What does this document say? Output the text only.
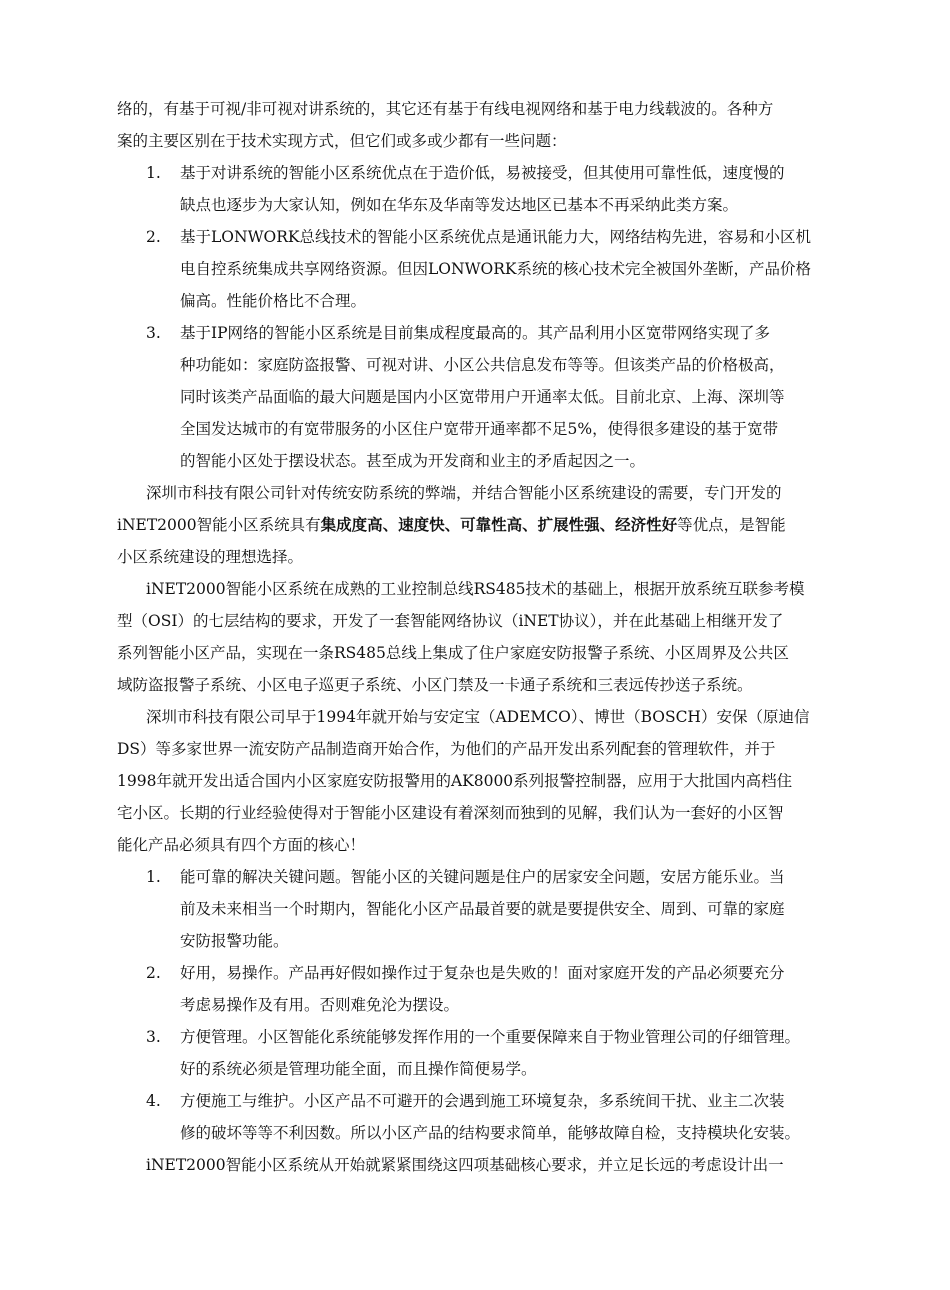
络的，有基于可视/非可视对讲系统的，其它还有基于有线电视网络和基于电力线载波的。各种方
案的主要区别在于技术实现方式，但它们或多或少都有一些问题：
1.	基于对讲系统的智能小区系统优点在于造价低，易被接受，但其使用可靠性低，速度慢的
缺点也逐步为大家认知，例如在华东及华南等发达地区已基本不再采纳此类方案。
2.	基于LONWORK总线技术的智能小区系统优点是通讯能力大，网络结构先进，容易和小区机
电自控系统集成共享网络资源。但因LONWORK系统的核心技术完全被国外垄断，产品价格
偏高。性能价格比不合理。
3.	基于IP网络的智能小区系统是目前集成程度最高的。其产品利用小区宽带网络实现了多
种功能如：家庭防盗报警、可视对讲、小区公共信息发布等等。但该类产品的价格极高，
同时该类产品面临的最大问题是国内小区宽带用户开通率太低。目前北京、上海、深圳等
全国发达城市的有宽带服务的小区住户宽带开通率都不足5%，使得很多建设的基于宽带
的智能小区处于摆设状态。甚至成为开发商和业主的矛盾起因之一。
深圳市科技有限公司针对传统安防系统的弊端，并结合智能小区系统建设的需要，专门开发的
iNET2000智能小区系统具有集成度高、速度快、可靠性高、扩展性强、经济性好等优点，是智能
小区系统建设的理想选择。
iNET2000智能小区系统在成熟的工业控制总线RS485技术的基础上，根据开放系统互联参考模
型（OSI）的七层结构的要求，开发了一套智能网络协议（iNET协议），并在此基础上相继开发了
系列智能小区产品，实现在一条RS485总线上集成了住户家庭安防报警子系统、小区周界及公共区
域防盗报警子系统、小区电子巡更子系统、小区门禁及一卡通子系统和三表远传抄送子系统。
深圳市科技有限公司早于1994年就开始与安定宝（ADEMCO）、博世（BOSCH）安保（原迪信
DS）等多家世界一流安防产品制造商开始合作，为他们的产品开发出系列配套的管理软件，并于
1998年就开发出适合国内小区家庭安防报警用的AK8000系列报警控制器，应用于大批国内高档住
宅小区。长期的行业经验使得对于智能小区建设有着深刻而独到的见解，我们认为一套好的小区智
能化产品必须具有四个方面的核心！
1.	能可靠的解决关键问题。智能小区的关键问题是住户的居家安全问题，安居方能乐业。当
前及未来相当一个时期内，智能化小区产品最首要的就是要提供安全、周到、可靠的家庭
安防报警功能。
2.	好用，易操作。产品再好假如操作过于复杂也是失败的！面对家庭开发的产品必须要充分
考虑易操作及有用。否则难免沦为摆设。
3.	方便管理。小区智能化系统能够发挥作用的一个重要保障来自于物业管理公司的仔细管理。
好的系统必须是管理功能全面，而且操作简便易学。
4.	方便施工与维护。小区产品不可避开的会遇到施工环境复杂，多系统间干扰、业主二次装
修的破坏等等不利因数。所以小区产品的结构要求简单，能够故障自检，支持模块化安装。
iNET2000智能小区系统从开始就紧紧围绕这四项基础核心要求，并立足长远的考虑设计出一
